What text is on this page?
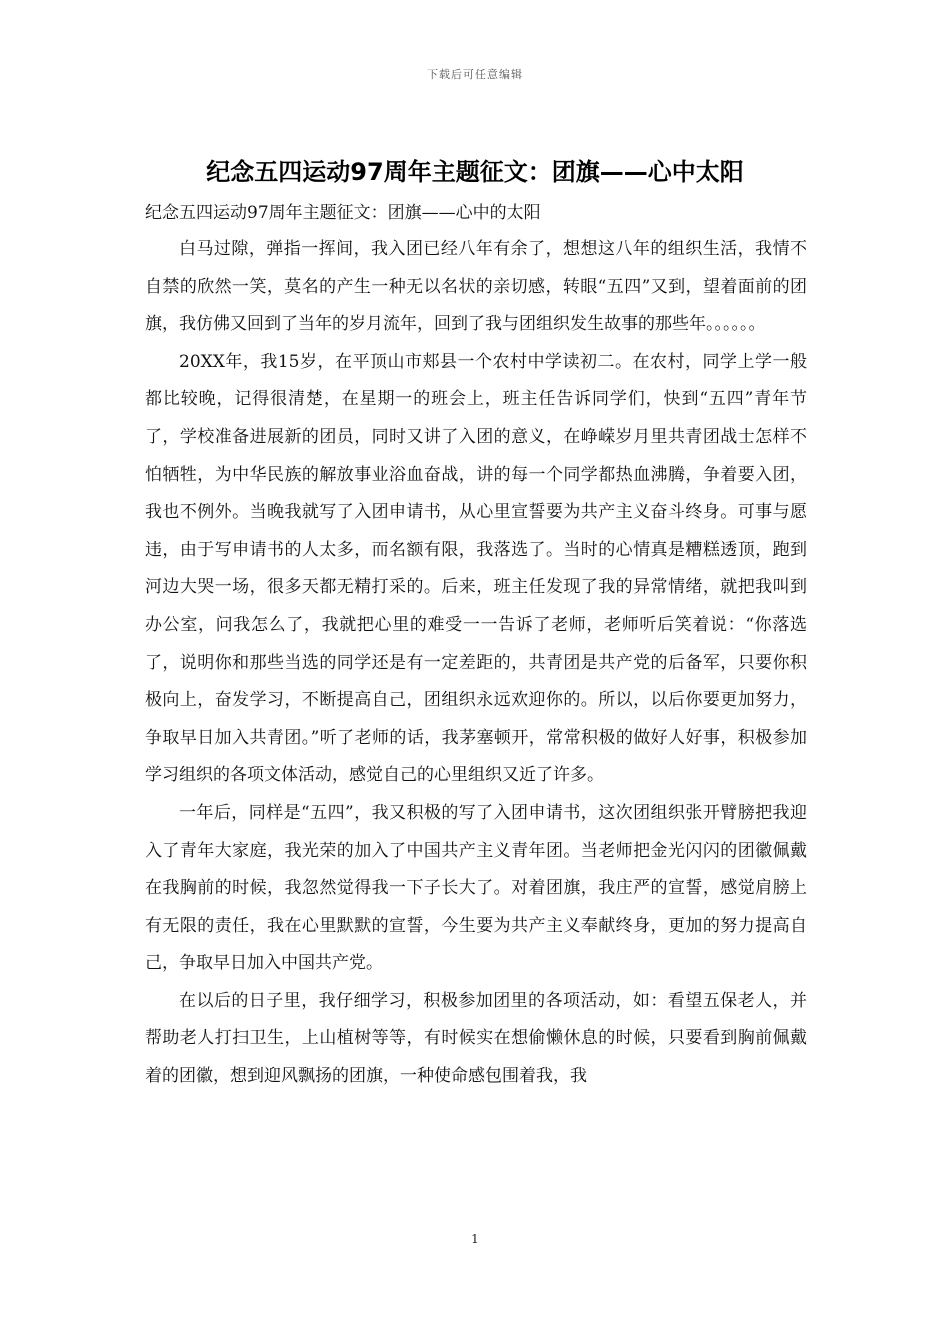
下载后可任意编辑
纪念五四运动97周年主题征文：团旗——心中太阳

纪念五四运动97周年主题征文：团旗——心中的太阳

白马过隙，弹指一挥间，我入团已经八年有余了，想想这八年的组织生活，我情不自禁的欣然一笑，莫名的产生一种无以名状的亲切感，转眼“五四”又到，望着面前的团旗，我仿佛又回到了当年的岁月流年，回到了我与团组织发生故事的那些年。。。。。。

20XX年，我15岁，在平顶山市郏县一个农村中学读初二。在农村，同学上学一般都比较晚，记得很清楚，在星期一的班会上，班主任告诉同学们，快到“五四”青年节了，学校准备进展新的团员，同时又讲了入团的意义，在峥嵘岁月里共青团战士怎样不怕牺牲，为中华民族的解放事业浴血奋战，讲的每一个同学都热血沸腾，争着要入团，我也不例外。当晚我就写了入团申请书，从心里宣誓要为共产主义奋斗终身。可事与愿违，由于写申请书的人太多，而名额有限，我落选了。当时的心情真是糟糕透顶，跑到河边大哭一场，很多天都无精打采的。后来，班主任发现了我的异常情绪，就把我叫到办公室，问我怎么了，我就把心里的难受一一告诉了老师，老师听后笑着说：“你落选了，说明你和那些当选的同学还是有一定差距的，共青团是共产党的后备军，只要你积极向上，奋发学习，不断提高自己，团组织永远欢迎你的。所以，以后你要更加努力，争取早日加入共青团。”听了老师的话，我茅塞顿开，常常积极的做好人好事，积极参加学习组织的各项文体活动，感觉自己的心里组织又近了许多。

一年后，同样是“五四”，我又积极的写了入团申请书，这次团组织张开臂膀把我迎入了青年大家庭，我光荣的加入了中国共产主义青年团。当老师把金光闪闪的团徽佩戴在我胸前的时候，我忽然觉得我一下子长大了。对着团旗，我庄严的宣誓，感觉肩膀上有无限的责任，我在心里默默的宣誓，今生要为共产主义奉献终身，更加的努力提高自己，争取早日加入中国共产党。

在以后的日子里，我仔细学习，积极参加团里的各项活动，如：看望五保老人，并帮助老人打扫卫生，上山植树等等，有时候实在想偷懒休息的时候，只要看到胸前佩戴着的团徽，想到迎风飘扬的团旗，一种使命感包围着我，我

1
